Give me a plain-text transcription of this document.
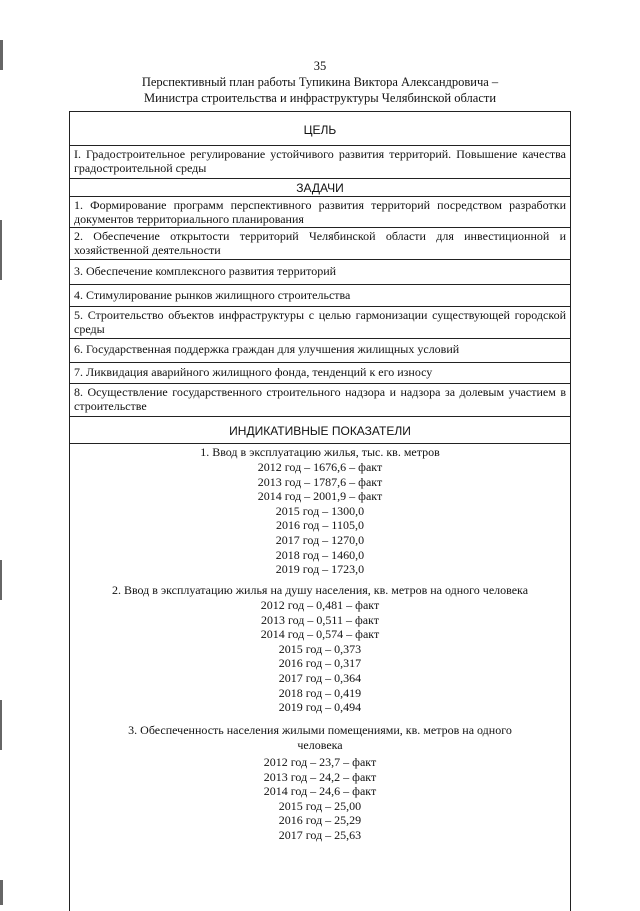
35
Перспективный план работы Тупикина Виктора Александровича –
Министра строительства и инфраструктуры Челябинской области
ЦЕЛЬ
I. Градостроительное регулирование устойчивого развития территорий. Повышение качества градостроительной среды
ЗАДАЧИ
1. Формирование программ перспективного развития территорий посредством разработки документов территориального планирования
2. Обеспечение открытости территорий Челябинской области для инвестиционной и хозяйственной деятельности
3. Обеспечение комплексного развития территорий
4. Стимулирование рынков жилищного строительства
5. Строительство объектов инфраструктуры с целью гармонизации существующей городской среды
6. Государственная поддержка граждан для улучшения жилищных условий
7. Ликвидация аварийного жилищного фонда, тенденций к его износу
8. Осуществление государственного строительного надзора и надзора за долевым участием в строительстве
ИНДИКАТИВНЫЕ ПОКАЗАТЕЛИ
1. Ввод в эксплуатацию жилья, тыс. кв. метров
2012 год – 1676,6 – факт
2013 год – 1787,6 – факт
2014 год – 2001,9 – факт
2015 год – 1300,0
2016 год – 1105,0
2017 год – 1270,0
2018 год – 1460,0
2019 год – 1723,0
2. Ввод в эксплуатацию жилья на душу населения, кв. метров на одного человека
2012 год – 0,481 – факт
2013 год – 0,511 – факт
2014 год – 0,574 – факт
2015 год – 0,373
2016 год – 0,317
2017 год – 0,364
2018 год – 0,419
2019 год – 0,494
3. Обеспеченность населения жилыми помещениями, кв. метров на одного
человека
2012 год – 23,7 – факт
2013 год – 24,2 – факт
2014 год – 24,6 – факт
2015 год – 25,00
2016 год – 25,29
2017 год – 25,63
